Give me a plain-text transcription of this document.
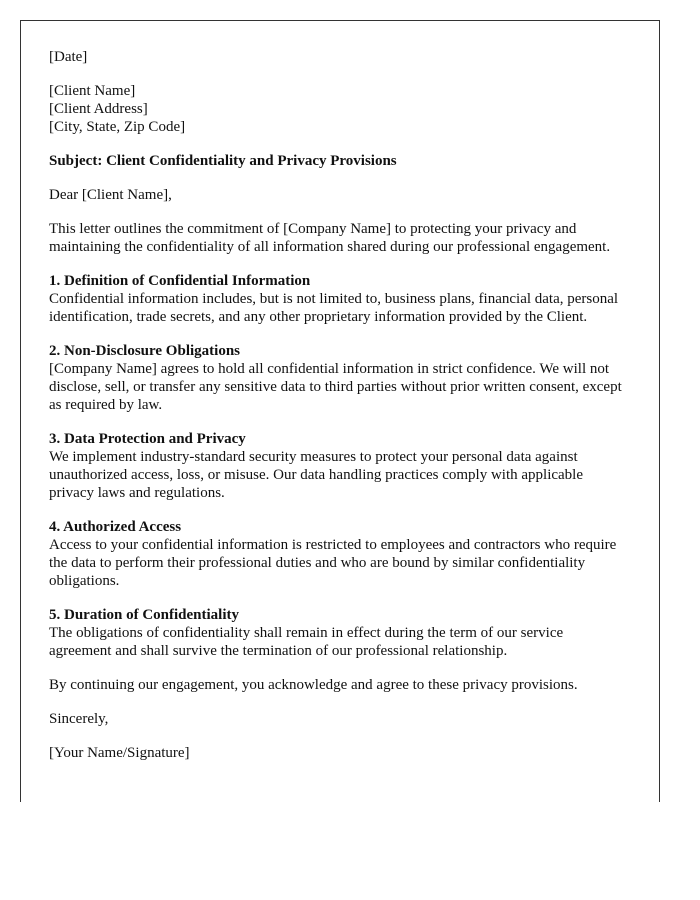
[Date]

[Client Name]
[Client Address]
[City, State, Zip Code]

Subject: Client Confidentiality and Privacy Provisions

Dear [Client Name],

This letter outlines the commitment of [Company Name] to protecting your privacy and maintaining the confidentiality of all information shared during our professional engagement.

1. Definition of Confidential Information
Confidential information includes, but is not limited to, business plans, financial data, personal identification, trade secrets, and any other proprietary information provided by the Client.

2. Non-Disclosure Obligations
[Company Name] agrees to hold all confidential information in strict confidence. We will not disclose, sell, or transfer any sensitive data to third parties without prior written consent, except as required by law.

3. Data Protection and Privacy
We implement industry-standard security measures to protect your personal data against unauthorized access, loss, or misuse. Our data handling practices comply with applicable privacy laws and regulations.

4. Authorized Access
Access to your confidential information is restricted to employees and contractors who require the data to perform their professional duties and who are bound by similar confidentiality obligations.

5. Duration of Confidentiality
The obligations of confidentiality shall remain in effect during the term of our service agreement and shall survive the termination of our professional relationship.

By continuing our engagement, you acknowledge and agree to these privacy provisions.

Sincerely,

[Your Name/Signature]
